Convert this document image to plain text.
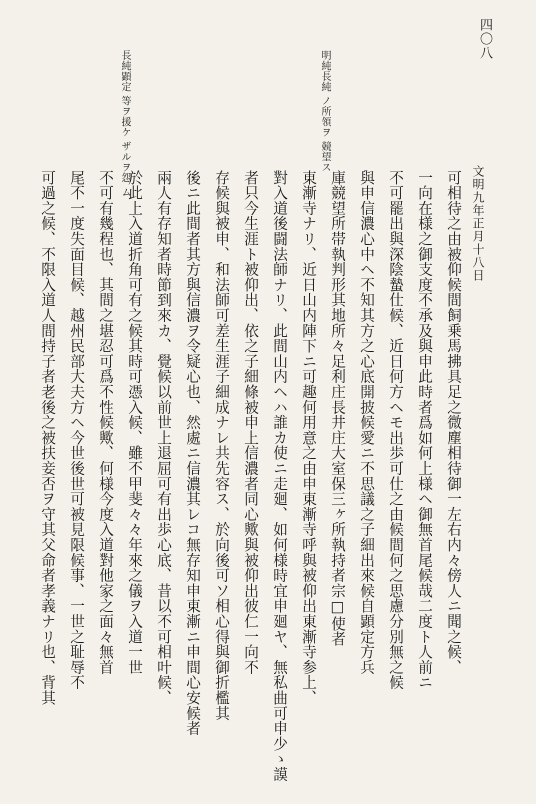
四〇八
明純長純 ノ所領ヲ 競望ス
長純顕定 等ヲ援ケ ザルヲ怨 ム
文明九年正月十八日
可相待之由被仰候間飼乗馬拂具足之微塵相待御一左右内々傍人ニ聞之候、
一向在様之御支度不承及與申此時者爲如何上様ヘ御無首尾候哉二度ト人前ニ
不可罷出與深陰蟄仕候、近日何方ヘモ出歩可仕之由候間何之思慮分別無之候
與申信濃心中ヘ不知其方之心底開披候愛ニ不思議之子細出來候自顕定方兵
庫競望所帯執判形其地所々足利庄長井庄大室保三ヶ所執持者宗□使者
東漸寺ナリ、近日山内陣下ニ可趣何用意之由申東漸寺呼與被仰出東漸寺参上、
對入道後闘法師ナリ、此間山内ヘハ誰カ使ニ走廻、如何様時宜申廻ヤ、無私曲可申少ゝ謨
者只今生涯ト被仰出、依之子細條被申上信濃者同心歟與被仰出彼仁一向不
存候與被申、和法師可差生涯子細成ナレ共先容ス、於向後可ソ相心得與御折檻其
後ニ此間者其方與信濃ヲ令疑心也、然處ニ信濃其レコ無存知申東漸ニ申間心安候者
兩人有存知者時節到來カ、覺候以前世上退屈可有出歩心底、昔以不可相叶候、
於此上入道折角可有之候其時可憑入候、雖不甲斐々々年來之儀ヲ入道一世
不可有幾程也、其間之堪忍可爲不性候歟、何様今度入道對他家之面々無首
尾不一度失面目候、越州民部大夫方ヘ今世後世可被見限候事、一世之耻辱不
可過之候、不限入道人間持子者老後之被扶妾否ヲ守其父命者孝義ナリ也、背其
